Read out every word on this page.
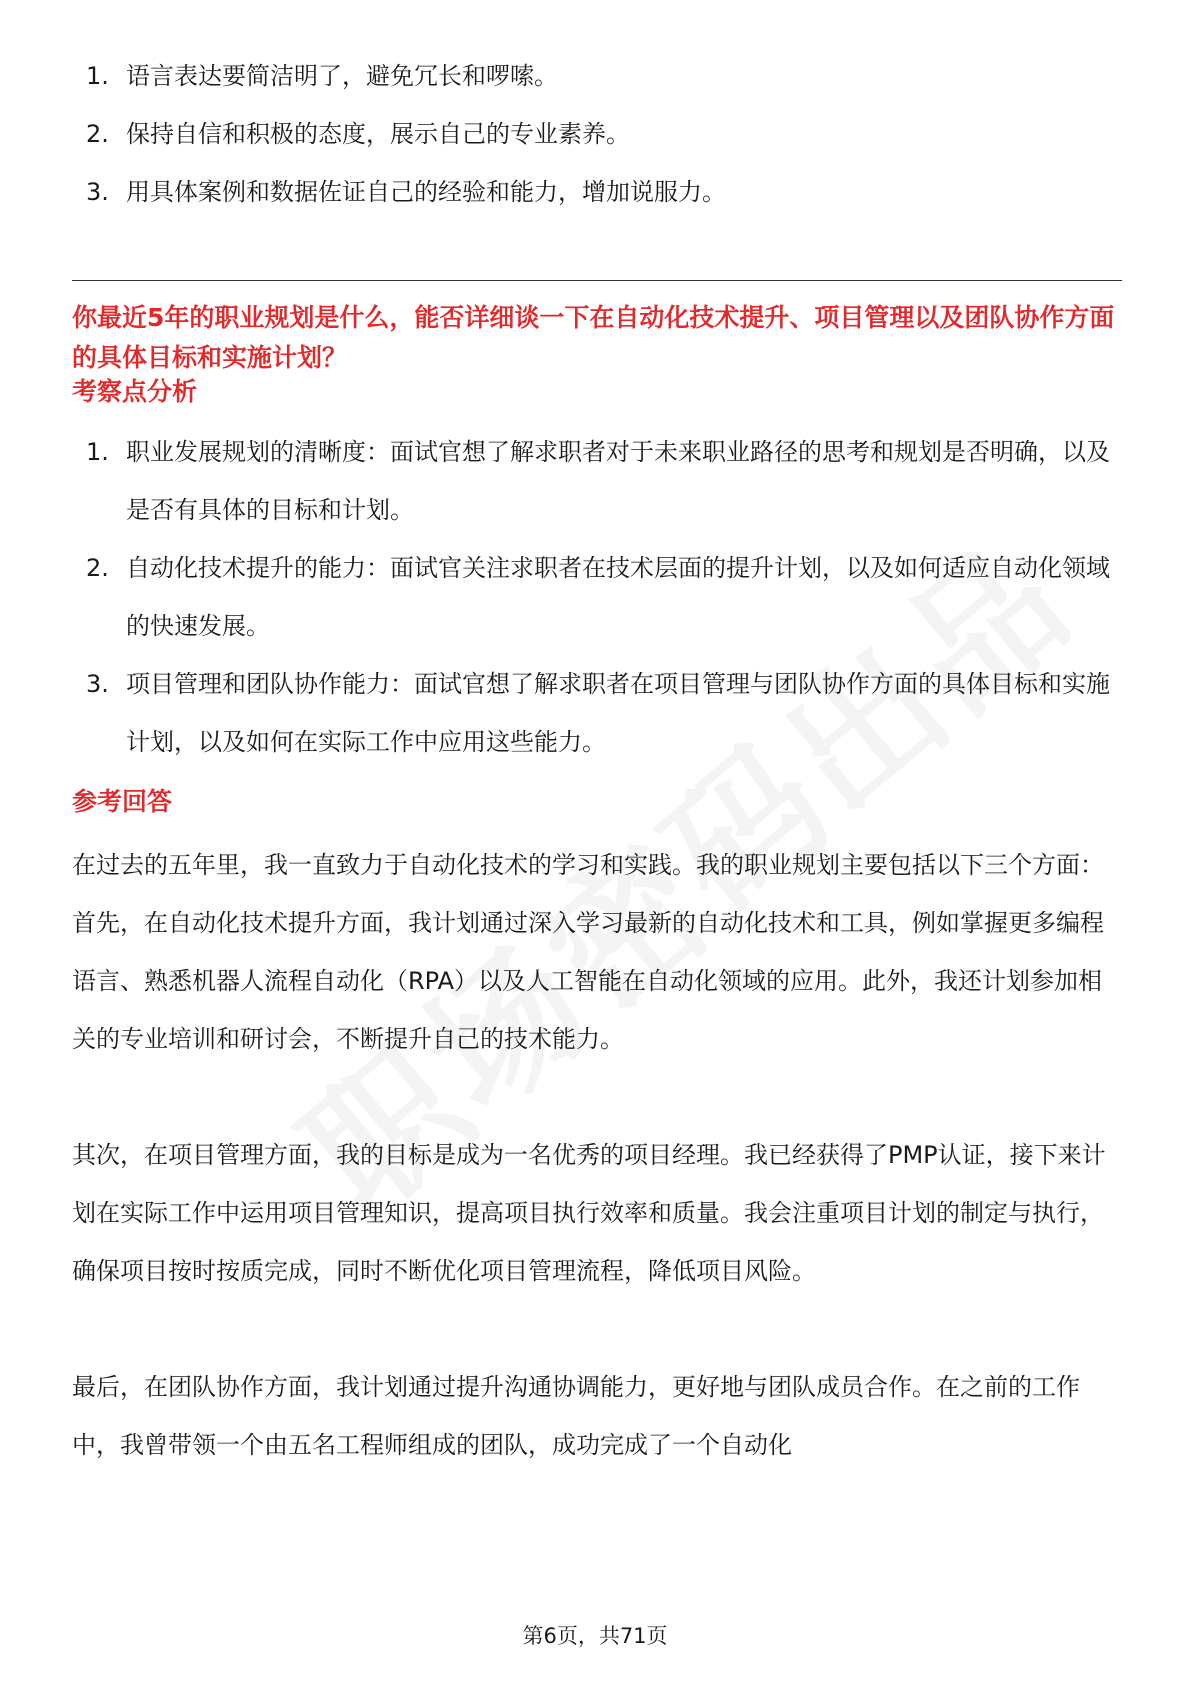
1. 语言表达要简洁明了，避免冗长和啰嗦。
2. 保持自信和积极的态度，展示自己的专业素养。
3. 用具体案例和数据佐证自己的经验和能力，增加说服力。
你最近5年的职业规划是什么，能否详细谈一下在自动化技术提升、项目管理以及团队协作方面的具体目标和实施计划？
考察点分析
1. 职业发展规划的清晰度：面试官想了解求职者对于未来职业路径的思考和规划是否明确，以及是否有具体的目标和计划。
2. 自动化技术提升的能力：面试官关注求职者在技术层面的提升计划，以及如何适应自动化领域的快速发展。
3. 项目管理和团队协作能力：面试官想了解求职者在项目管理与团队协作方面的具体目标和实施计划，以及如何在实际工作中应用这些能力。
参考回答

在过去的五年里，我一直致力于自动化技术的学习和实践。我的职业规划主要包括以下三个方面：首先，在自动化技术提升方面，我计划通过深入学习最新的自动化技术和工具，例如掌握更多编程语言、熟悉机器人流程自动化（RPA）以及人工智能在自动化领域的应用。此外，我还计划参加相关的专业培训和研讨会，不断提升自己的技术能力。

其次，在项目管理方面，我的目标是成为一名优秀的项目经理。我已经获得了PMP认证，接下来计划在实际工作中运用项目管理知识，提高项目执行效率和质量。我会注重项目计划的制定与执行，确保项目按时按质完成，同时不断优化项目管理流程，降低项目风险。

最后，在团队协作方面，我计划通过提升沟通协调能力，更好地与团队成员合作。在之前的工作中，我曾带领一个由五名工程师组成的团队，成功完成了一个自动化

第6页，共71页
